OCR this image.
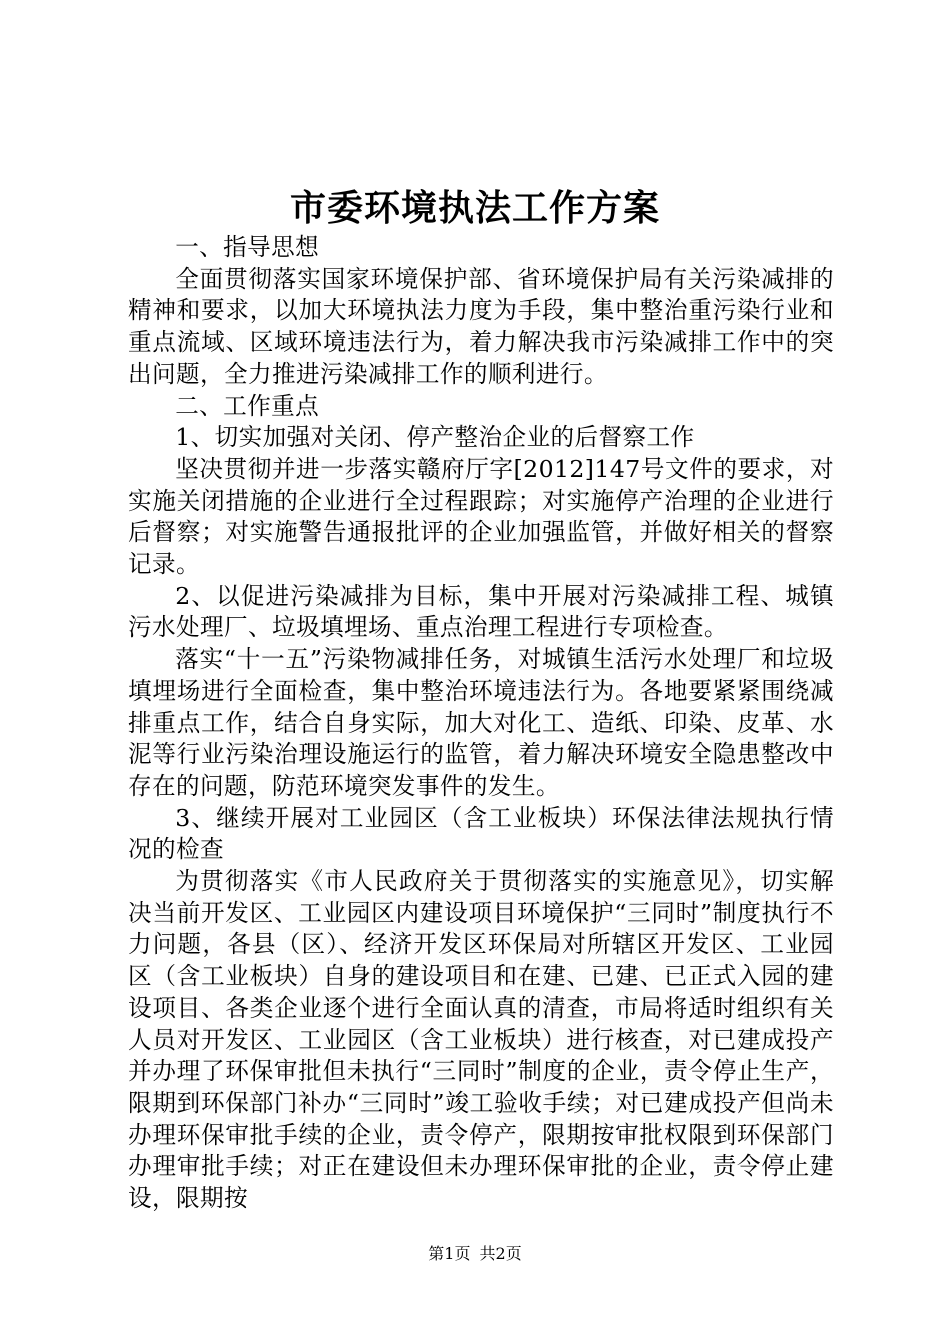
市委环境执法工作方案

一、指导思想

全面贯彻落实国家环境保护部、省环境保护局有关污染减排的精神和要求，以加大环境执法力度为手段，集中整治重污染行业和重点流域、区域环境违法行为，着力解决我市污染减排工作中的突出问题，全力推进污染减排工作的顺利进行。

二、工作重点

1、切实加强对关闭、停产整治企业的后督察工作

坚决贯彻并进一步落实赣府厅字[2012]147号文件的要求，对实施关闭措施的企业进行全过程跟踪；对实施停产治理的企业进行后督察；对实施警告通报批评的企业加强监管，并做好相关的督察记录。

2、以促进污染减排为目标，集中开展对污染减排工程、城镇污水处理厂、垃圾填埋场、重点治理工程进行专项检查。

落实“十一五”污染物减排任务，对城镇生活污水处理厂和垃圾填埋场进行全面检查，集中整治环境违法行为。各地要紧紧围绕减排重点工作，结合自身实际，加大对化工、造纸、印染、皮革、水泥等行业污染治理设施运行的监管，着力解决环境安全隐患整改中存在的问题，防范环境突发事件的发生。

3、继续开展对工业园区（含工业板块）环保法律法规执行情况的检查

为贯彻落实《市人民政府关于贯彻落实的实施意见》，切实解决当前开发区、工业园区内建设项目环境保护“三同时”制度执行不力问题，各县（区）、经济开发区环保局对所辖区开发区、工业园区（含工业板块）自身的建设项目和在建、已建、已正式入园的建设项目、各类企业逐个进行全面认真的清查，市局将适时组织有关人员对开发区、工业园区（含工业板块）进行核查，对已建成投产并办理了环保审批但未执行“三同时”制度的企业，责令停止生产，限期到环保部门补办“三同时”竣工验收手续；对已建成投产但尚未办理环保审批手续的企业，责令停产，限期按审批权限到环保部门办理审批手续；对正在建设但未办理环保审批的企业，责令停止建设，限期按

第1页 共2页
